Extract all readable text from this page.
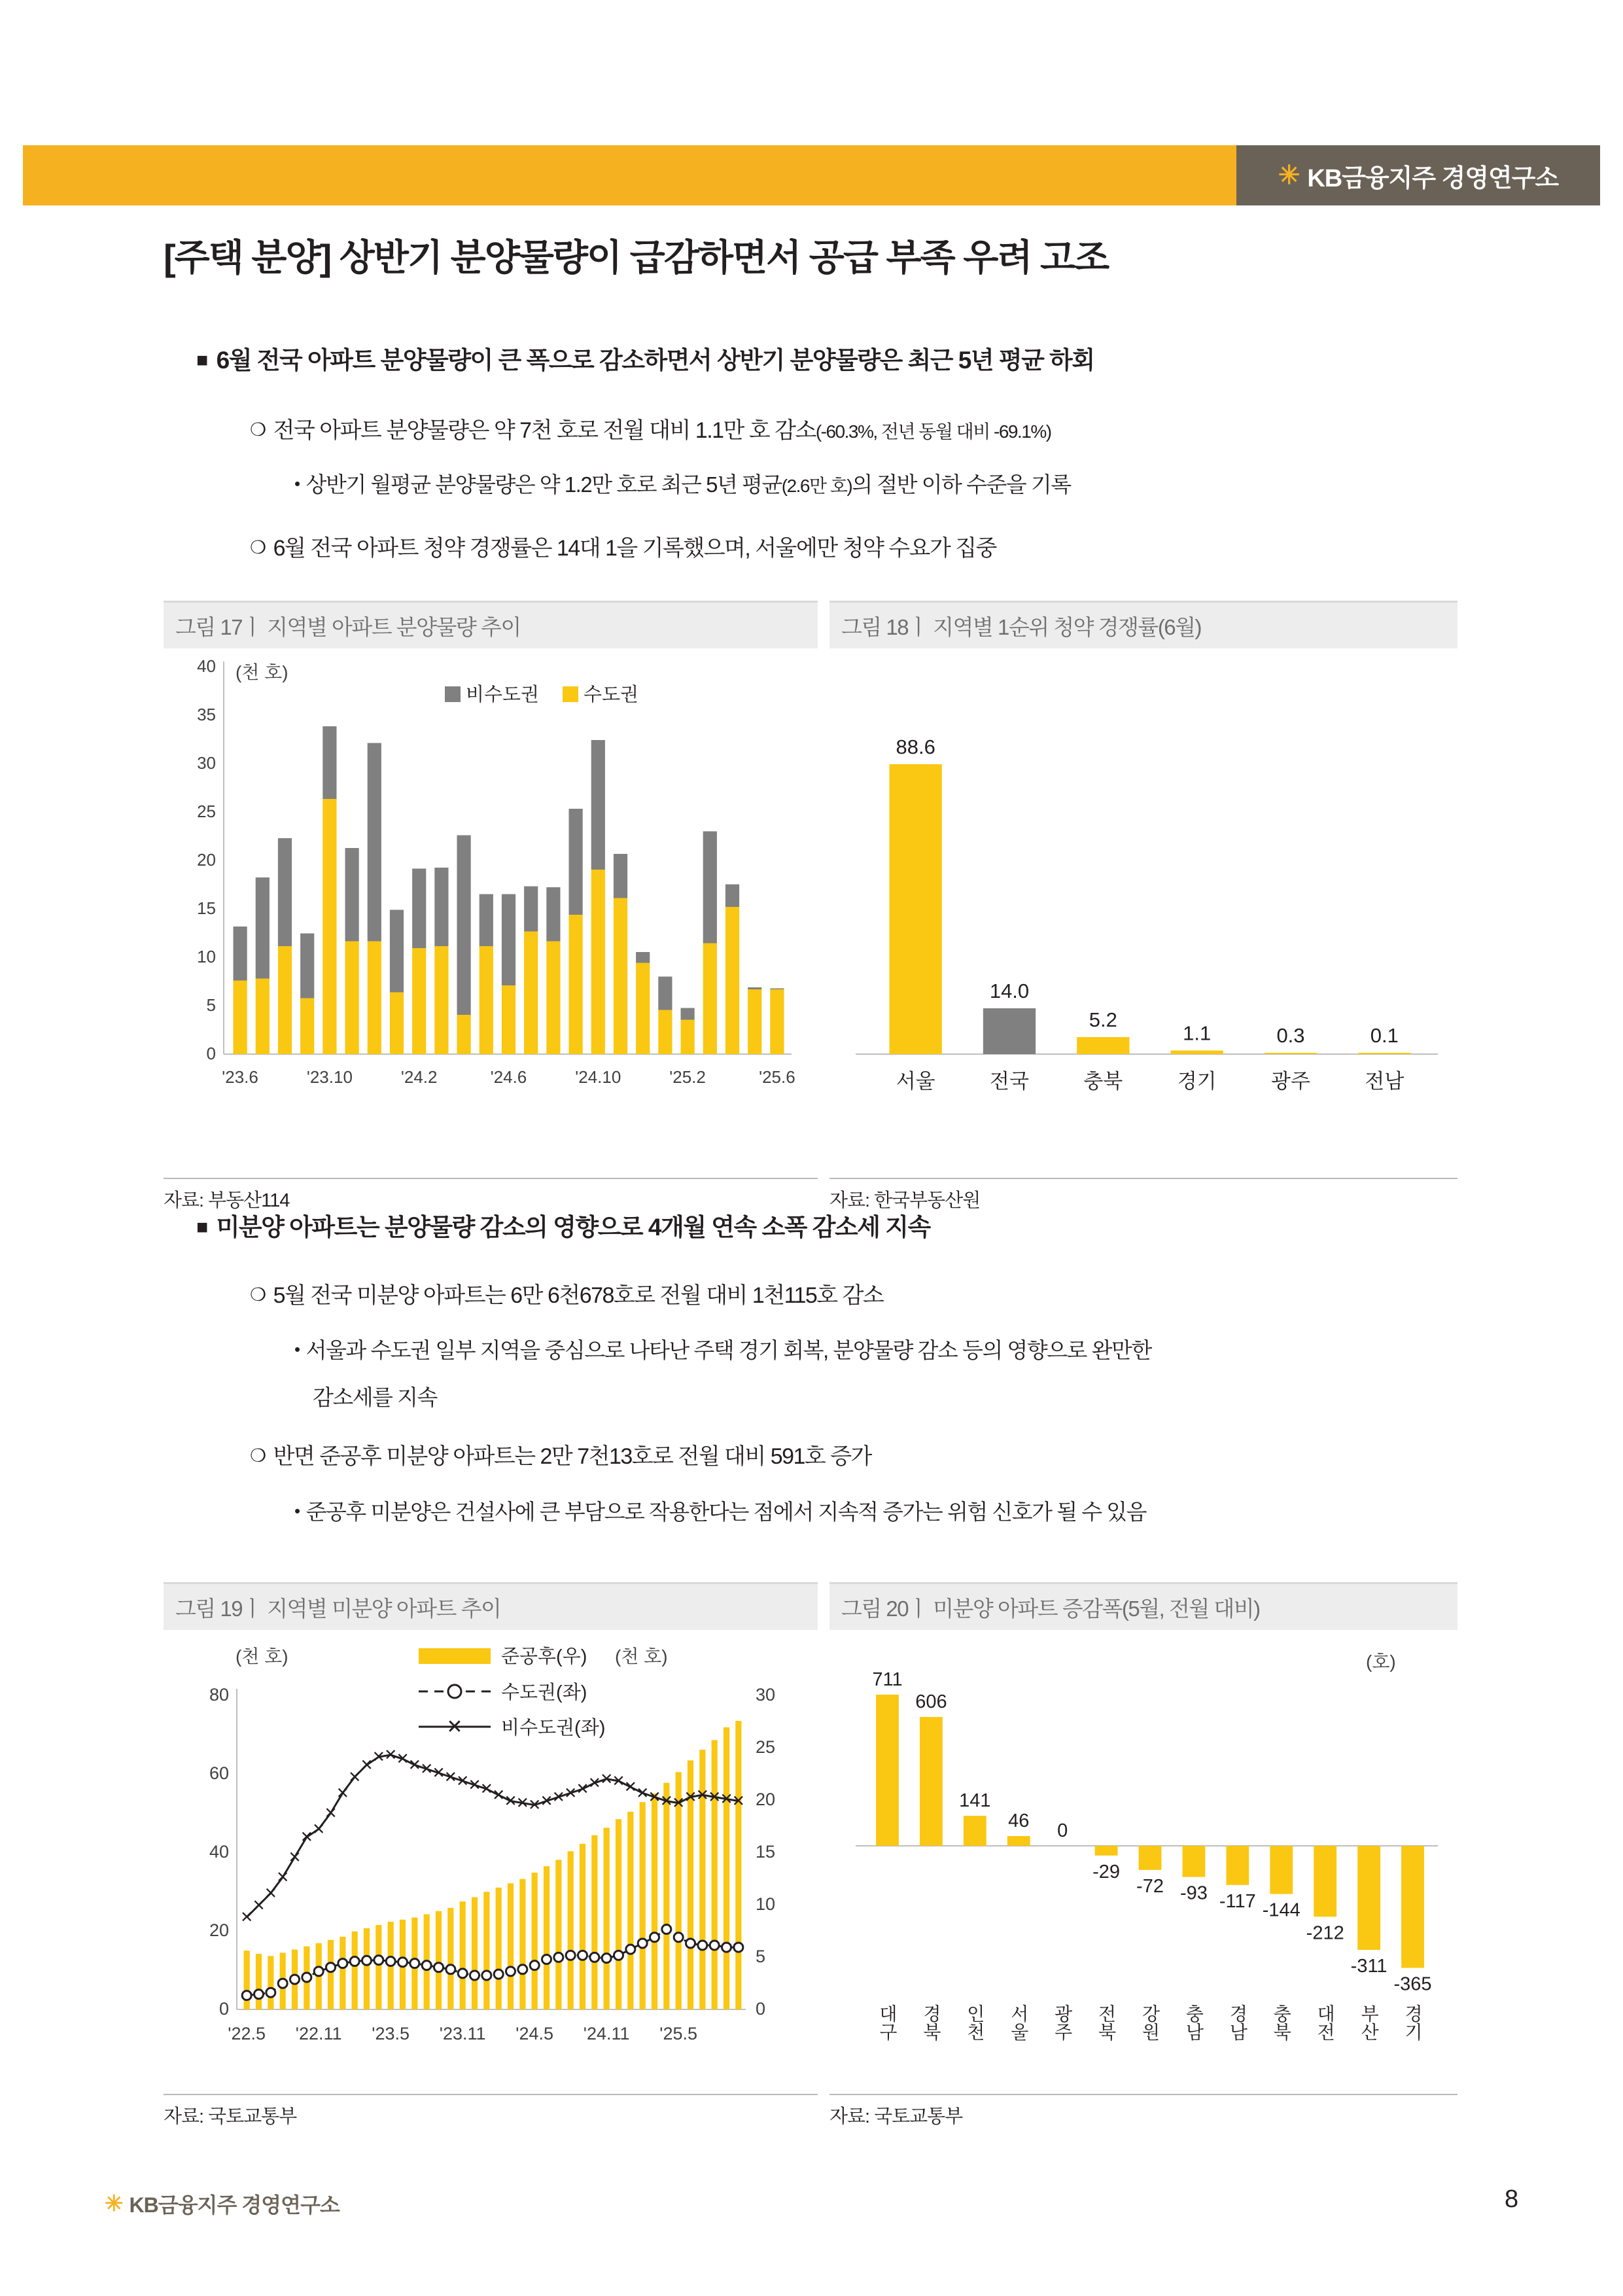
✳ KB금융지주 경영연구소
[주택 분양] 상반기 분양물량이 급감하면서 공급 부족 우려 고조
■ 6월 전국 아파트 분양물량이 큰 폭으로 감소하면서 상반기 분양물량은 최근 5년 평균 하회
❍ 전국 아파트 분양물량은 약 7천 호로 전월 대비 1.1만 호 감소(-60.3%, 전년 동월 대비 -69.1%)
• 상반기 월평균 분양물량은 약 1.2만 호로 최근 5년 평균(2.6만 호)의 절반 이하 수준을 기록
❍ 6월 전국 아파트 청약 경쟁률은 14대 1을 기록했으며, 서울에만 청약 수요가 집중
그림 17ㅣ 지역별 아파트 분양물량 추이
40
35
30
25
20
15
10
5
0
(천 호)
비수도권 수도권
'23.6	'23.10	'24.2	'24.6	'24.10	'25.2	'25.6
자료: 부동산114
그림 18ㅣ 지역별 1순위 청약 경쟁률(6월)
88.6
14.0
5.2
1.1	0.3	0.1
서울	전국	충북	경기	광주	전남
자료: 한국부동산원
■ 미분양 아파트는 분양물량 감소의 영향으로 4개월 연속 소폭 감소세 지속
❍ 5월 전국 미분양 아파트는 6만 6천678호로 전월 대비 1천115호 감소
• 서울과 수도권 일부 지역을 중심으로 나타난 주택 경기 회복, 분양물량 감소 등의 영향으로 완만한
감소세를 지속
❍ 반면 준공후 미분양 아파트는 2만 7천13호로 전월 대비 591호 증가
• 준공후 미분양은 건설사에 큰 부담으로 작용한다는 점에서 지속적 증가는 위험 신호가 될 수 있음
그림 19ㅣ 지역별 미분양 아파트 추이
(천 호)	(천 호)
준공후(우)
수도권(좌)
✕ 비수도권(좌)
80
60
40
20
0
30
25
20
15
10
5
0
✕
✕
✕
✕
✕
✕
✕
✕
✕
✕
✕
✕
✕
✕
✕
✕
✕
✕
✕
✕
✕
✕
✕
✕
✕
✕
✕
✕
✕
✕
✕
✕
✕
✕
✕
✕
✕
✕
✕
✕
✕
✕
'22.5 '22.11 '23.5 '23.11 '24.5 '24.11 '25.5
자료: 국토교통부
그림 20ㅣ 미분양 아파트 증감폭(5월, 전월 대비)
(호)
711
606
141
46 0
-29
-72 -93 -117 -144
-212
-311
-365
대구 경북 인천 서울 광주 전북 강원 충남 경남 충북 대전 부산 경기
자료: 국토교통부
✳ KB금융지주 경영연구소	8
